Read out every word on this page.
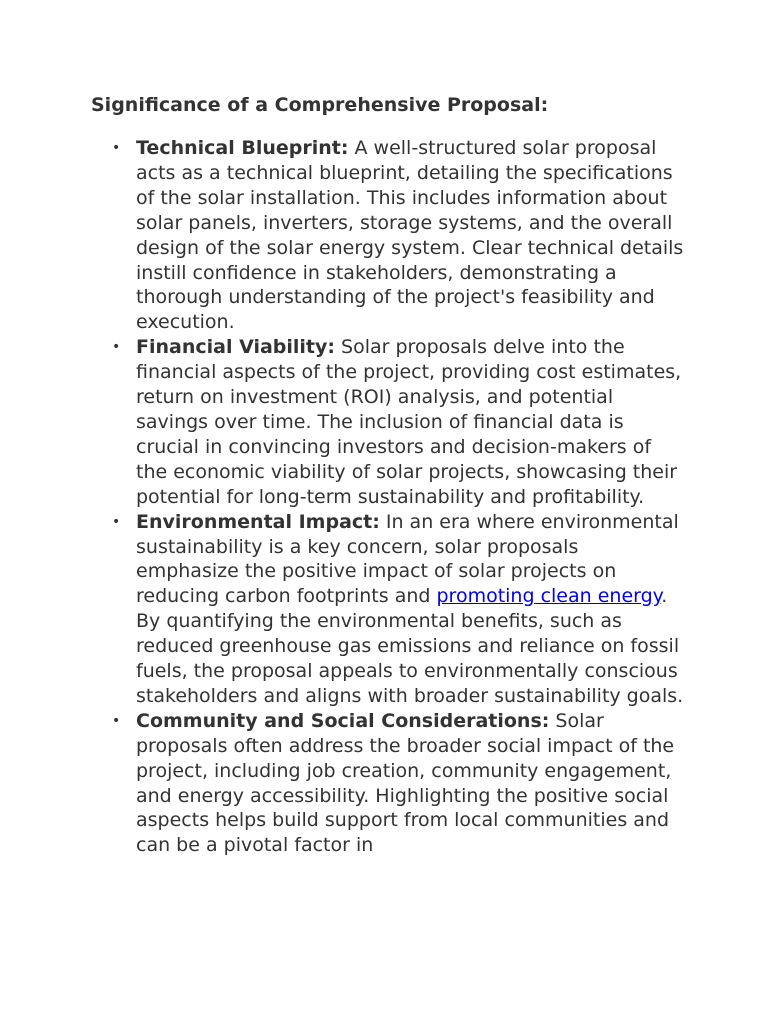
Significance of a Comprehensive Proposal:
• Technical Blueprint: A well-structured solar proposal acts as a technical blueprint, detailing the specifications of the solar installation. This includes information about solar panels, inverters, storage systems, and the overall design of the solar energy system. Clear technical details instill confidence in stakeholders, demonstrating a thorough understanding of the project's feasibility and execution.
• Financial Viability: Solar proposals delve into the financial aspects of the project, providing cost estimates, return on investment (ROI) analysis, and potential savings over time. The inclusion of financial data is crucial in convincing investors and decision-makers of the economic viability of solar projects, showcasing their potential for long-term sustainability and profitability.
• Environmental Impact: In an era where environmental sustainability is a key concern, solar proposals emphasize the positive impact of solar projects on reducing carbon footprints and promoting clean energy. By quantifying the environmental benefits, such as reduced greenhouse gas emissions and reliance on fossil fuels, the proposal appeals to environmentally conscious stakeholders and aligns with broader sustainability goals.
• Community and Social Considerations: Solar proposals often address the broader social impact of the project, including job creation, community engagement, and energy accessibility. Highlighting the positive social aspects helps build support from local communities and can be a pivotal factor in
